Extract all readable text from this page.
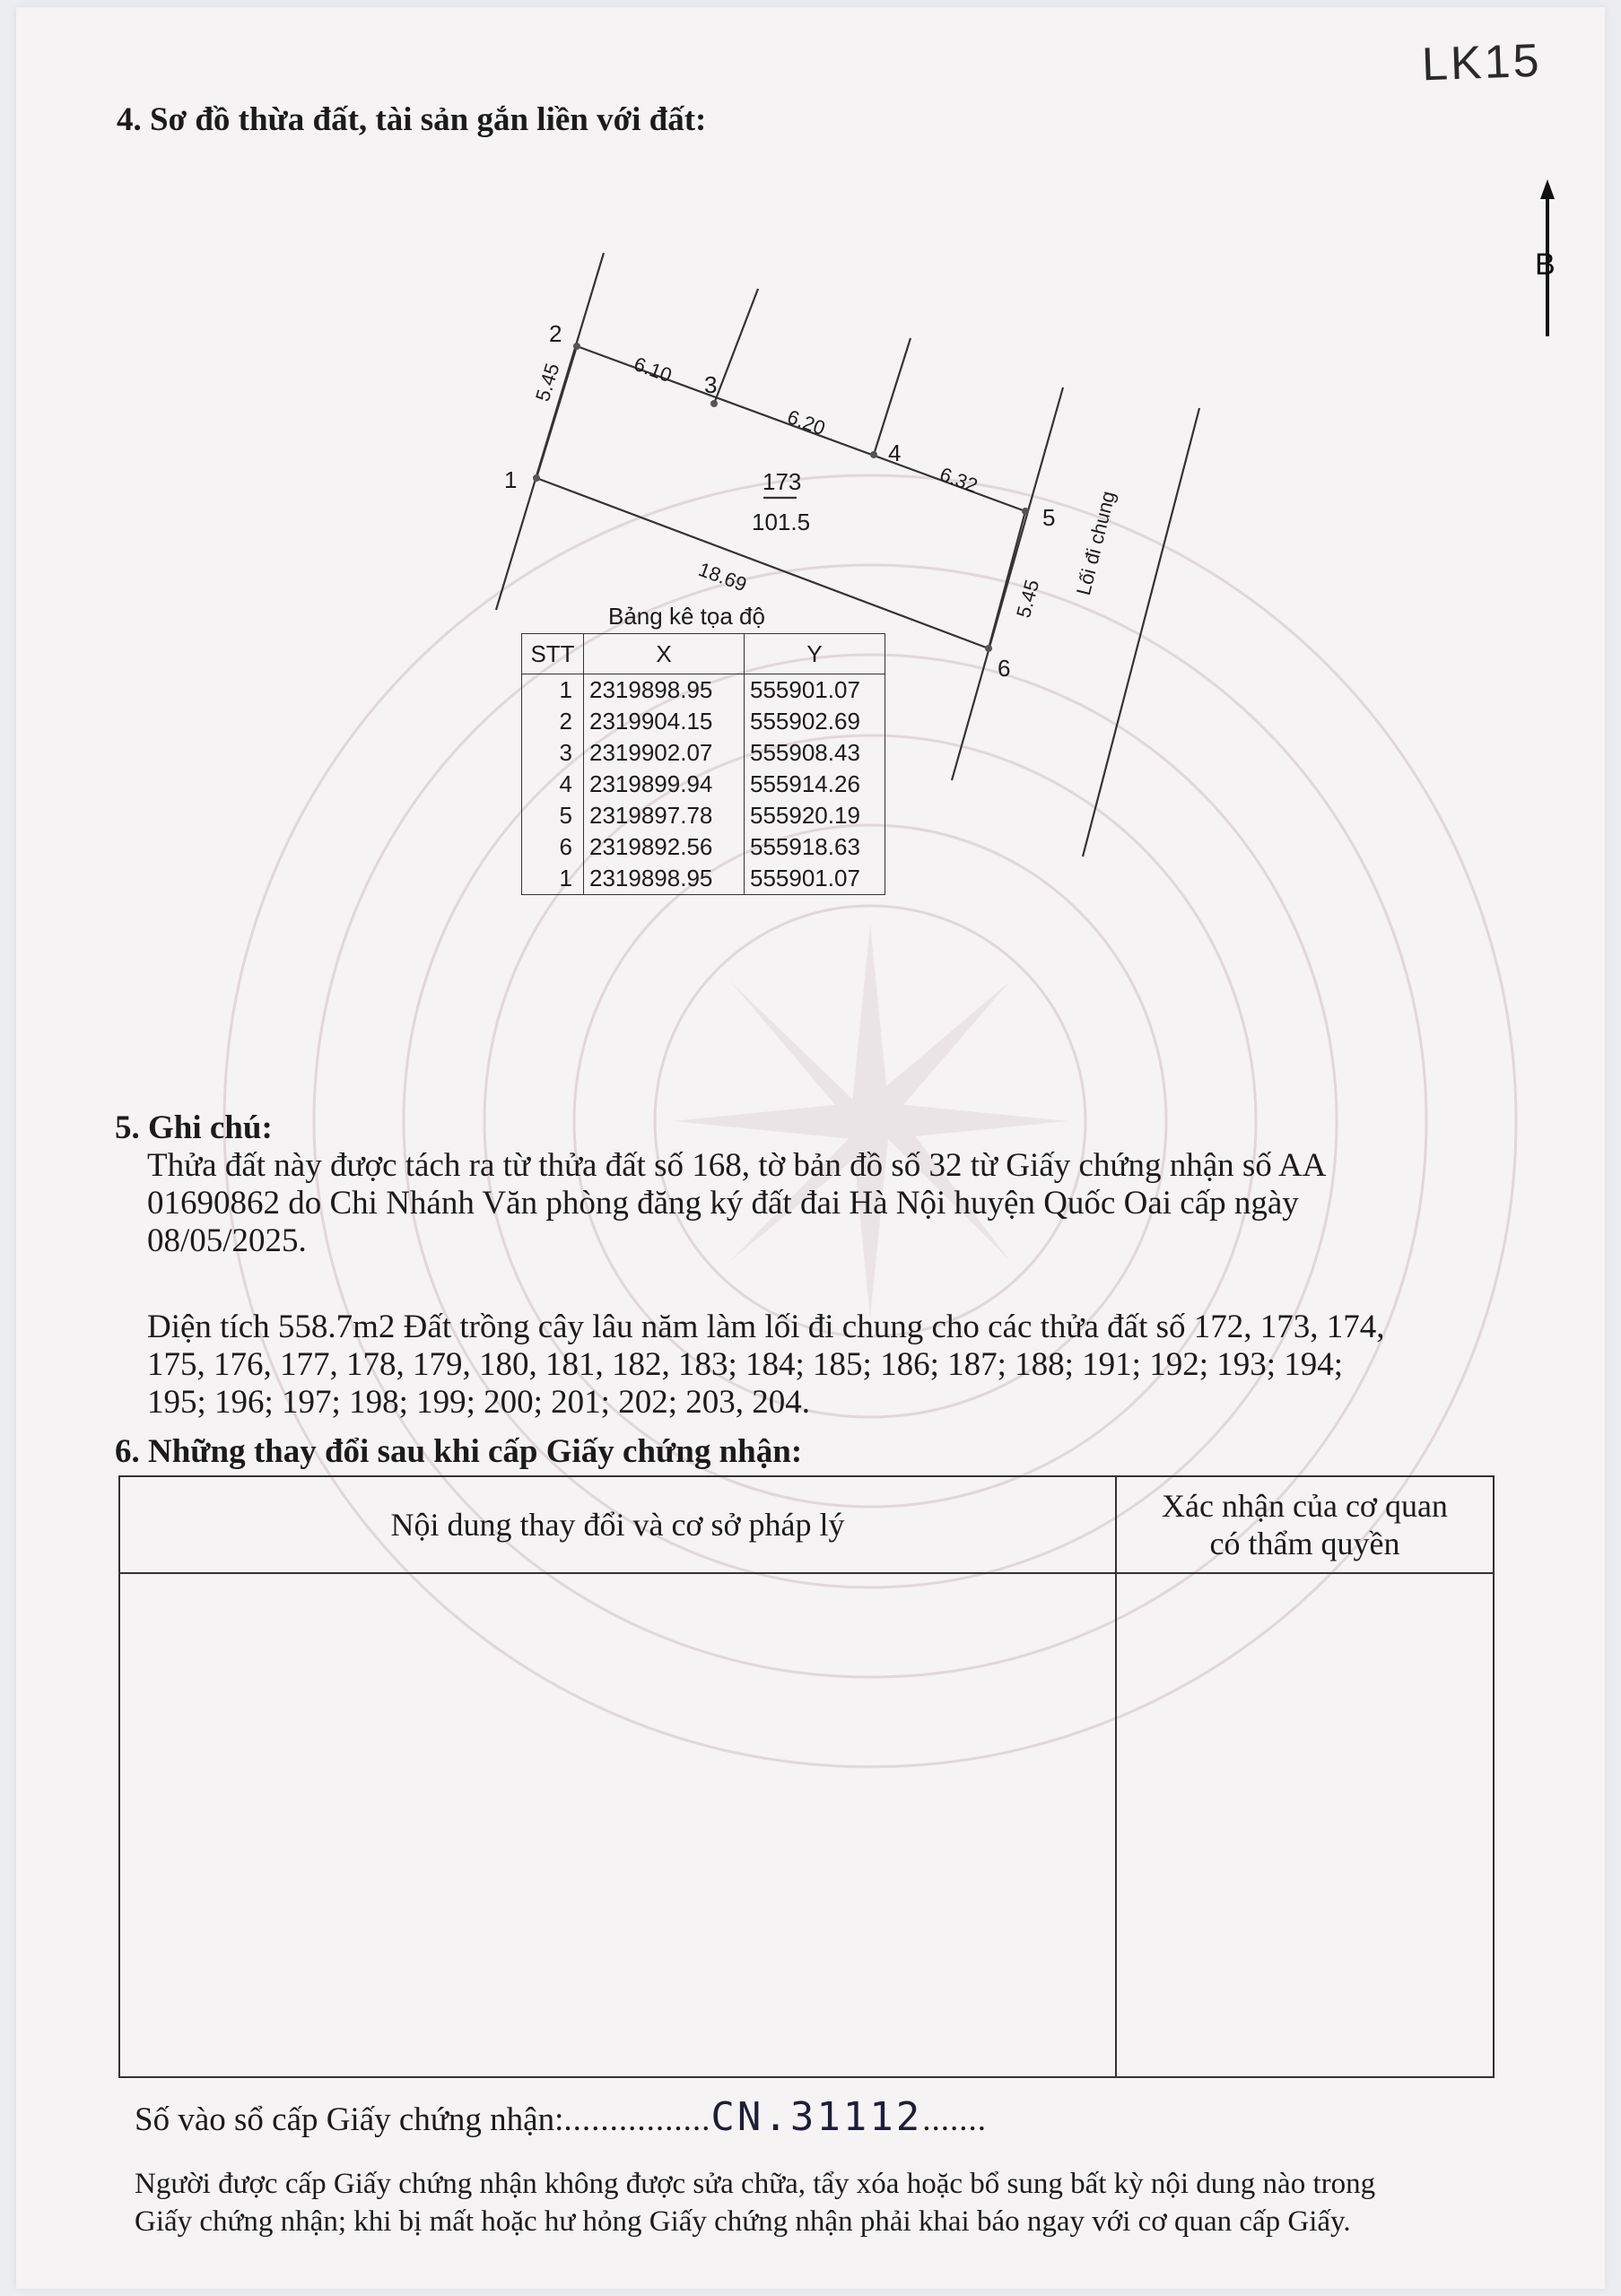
LK15
4. Sơ đồ thừa đất, tài sản gắn liền với đất:
B
1
2
3
4
5
6
5.45	6.10
6.20
6.32
5.45
18.69
173
101.5	Lối đi chung
Bảng kê tọa độ
STT	X	Y
1	2319898.95	555901.07
2	2319904.15	555902.69
3	2319902.07	555908.43
4	2319899.94	555914.26
5	2319897.78	555920.19
6	2319892.56	555918.63
1	2319898.95	555901.07
5. Ghi chú:
Thửa đất này được tách ra từ thửa đất số 168, tờ bản đồ số 32 từ Giấy chứng nhận số AA
01690862 do Chi Nhánh Văn phòng đăng ký đất đai Hà Nội huyện Quốc Oai cấp ngày
08/05/2025.
Diện tích 558.7m2 Đất trồng cây lâu năm làm lối đi chung cho các thửa đất số 172, 173, 174,
175, 176, 177, 178, 179, 180, 181, 182, 183; 184; 185; 186; 187; 188; 191; 192; 193; 194;
195; 196; 197; 198; 199; 200; 201; 202; 203, 204.
6. Những thay đổi sau khi cấp Giấy chứng nhận:
Nội dung thay đổi và cơ sở pháp lý	Xác nhận của cơ quan
có thẩm quyền

Số vào sổ cấp Giấy chứng nhận:................CN.31112.......
Người được cấp Giấy chứng nhận không được sửa chữa, tẩy xóa hoặc bổ sung bất kỳ nội dung nào trong
Giấy chứng nhận; khi bị mất hoặc hư hỏng Giấy chứng nhận phải khai báo ngay với cơ quan cấp Giấy.
